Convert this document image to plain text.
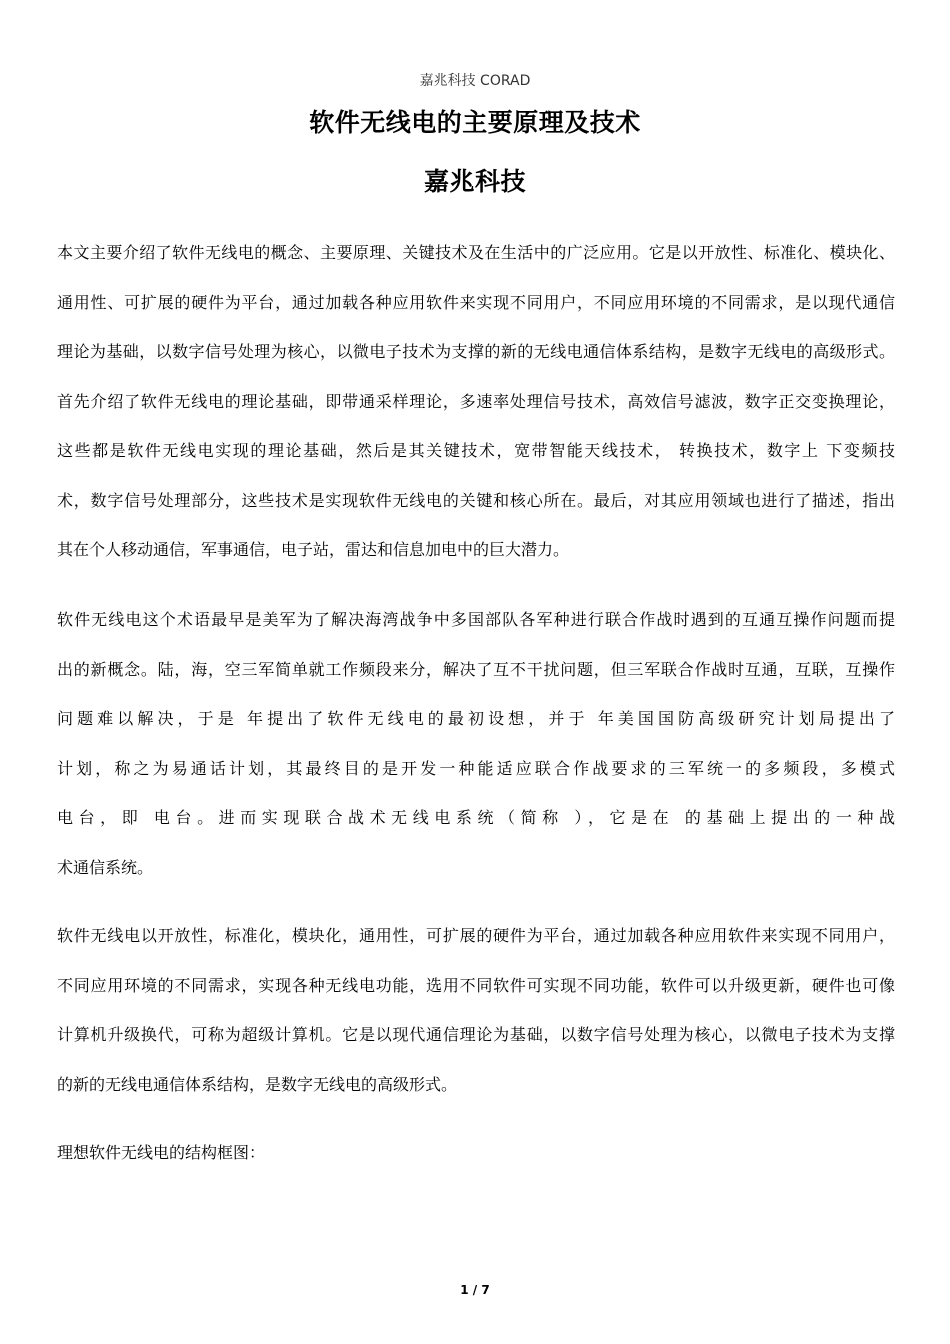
嘉兆科技 CORAD
软件无线电的主要原理及技术
嘉兆科技
本文主要介绍了软件无线电的概念、主要原理、关键技术及在生活中的广泛应用。它是以开放性、标准化、模块化、
通用性、可扩展的硬件为平台，通过加载各种应用软件来实现不同用户，不同应用环境的不同需求，是以现代通信
理论为基础，以数字信号处理为核心，以微电子技术为支撑的新的无线电通信体系结构，是数字无线电的高级形式。
首先介绍了软件无线电的理论基础，即带通采样理论，多速率处理信号技术，高效信号滤波，数字正交变换理论，
这些都是软件无线电实现的理论基础，然后是其关键技术，宽带智能天线技术， 转换技术，数字上 下变频技
术，数字信号处理部分，这些技术是实现软件无线电的关键和核心所在。最后，对其应用领域也进行了描述，指出
其在个人移动通信，军事通信，电子站，雷达和信息加电中的巨大潜力。
软件无线电这个术语最早是美军为了解决海湾战争中多国部队各军种进行联合作战时遇到的互通互操作问题而提
出的新概念。陆，海，空三军简单就工作频段来分，解决了互不干扰问题，但三军联合作战时互通，互联，互操作
问题难以解决，于是 年提出了软件无线电的最初设想，并于 年美国国防高级研究计划局提出了
计划，称之为易通话计划，其最终目的是开发一种能适应联合作战要求的三军统一的多频段，多模式
电台，即 电台。进而实现联合战术无线电系统（简称 ），它是在 的基础上提出的一种战
术通信系统。
软件无线电以开放性，标准化，模块化，通用性，可扩展的硬件为平台，通过加载各种应用软件来实现不同用户，
不同应用环境的不同需求，实现各种无线电功能，选用不同软件可实现不同功能，软件可以升级更新，硬件也可像
计算机升级换代，可称为超级计算机。它是以现代通信理论为基础，以数字信号处理为核心，以微电子技术为支撑
的新的无线电通信体系结构，是数字无线电的高级形式。
理想软件无线电的结构框图：
1 / 7
